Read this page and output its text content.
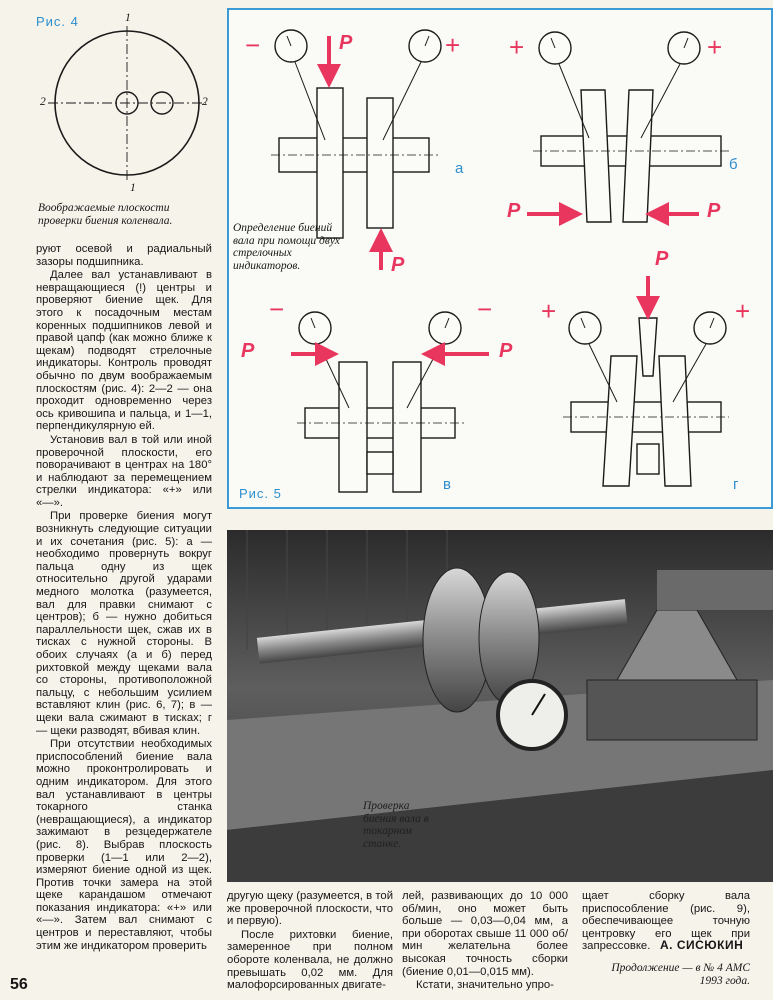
Рис. 4	1
1
2	2
Воображаемые плоскости проверки биения коленвала.
P
P
P	P
P	P
P
−	+ +	+
−	− +	+
а	б
в	г
Рис. 5
Определение биений вала при помощи двух стрелочных индикаторов.

руют осевой и радиальный зазоры подшипника.

Далее вал устанавливают в невращающиеся (!) центры и проверяют биение щек. Для этого к посадочным местам коренных подшипников левой и правой цапф (как можно ближе к щекам) подводят стрелочные индикаторы. Контроль проводят обычно по двум воображаемым плоскостям (рис. 4): 2—2 — она проходит одновременно через ось кривошипа и пальца, и 1—1, перпендикулярную ей.

Установив вал в той или иной проверочной плоскости, его поворачивают в центрах на 180° и наблюдают за перемещением стрелки индикатора: «+» или «—».

При проверке биения могут возникнуть следующие ситуации и их сочетания (рис. 5): а — необходимо провернуть вокруг пальца одну из щек относительно другой ударами медного молотка (разумеется, вал для правки снимают с центров); б — нужно добиться параллельности щек, сжав их в тисках с нужной стороны. В обоих случаях (а и б) перед рихтовкой между щеками вала со стороны, противоположной пальцу, с небольшим усилием вставляют клин (рис. 6, 7); в — щеки вала сжимают в тисках; г — щеки разводят, вбивая клин.

При отсутствии необходимых приспособлений биение вала можно проконтролировать и одним индикатором. Для этого вал устанавливают в центры токарного станка (невращающиеся), а индикатор зажимают в резцедержателе (рис. 8). Выбрав плоскость проверки (1—1 или 2—2), измеряют биение одной из щек. Против точки замера на этой щеке карандашом отмечают показания индикатора: «+» или «—». Затем вал снимают с центров и переставляют, чтобы этим же индикатором проверить

Проверка биения вала в токарном станке.

другую щеку (разумеется, в той же проверочной плоскости, что и первую).

После рихтовки биение, замеренное при полном обороте коленвала, не должно превышать 0,02 мм. Для малофорсированных двигате-

лей, развивающих до 10 000 об/мин, оно может быть больше — 0,03—0,04 мм, а при оборотах свыше 11 000 об/мин желательна более высокая точность сборки (биение 0,01—0,015 мм).

Кстати, значительно упро-

щает сборку вала приспособление (рис. 9), обеспечивающее точную центровку его щек при запрессовке. А. СИСЮКИН
Продолжение — в № 4 АМС 1993 года.
56
